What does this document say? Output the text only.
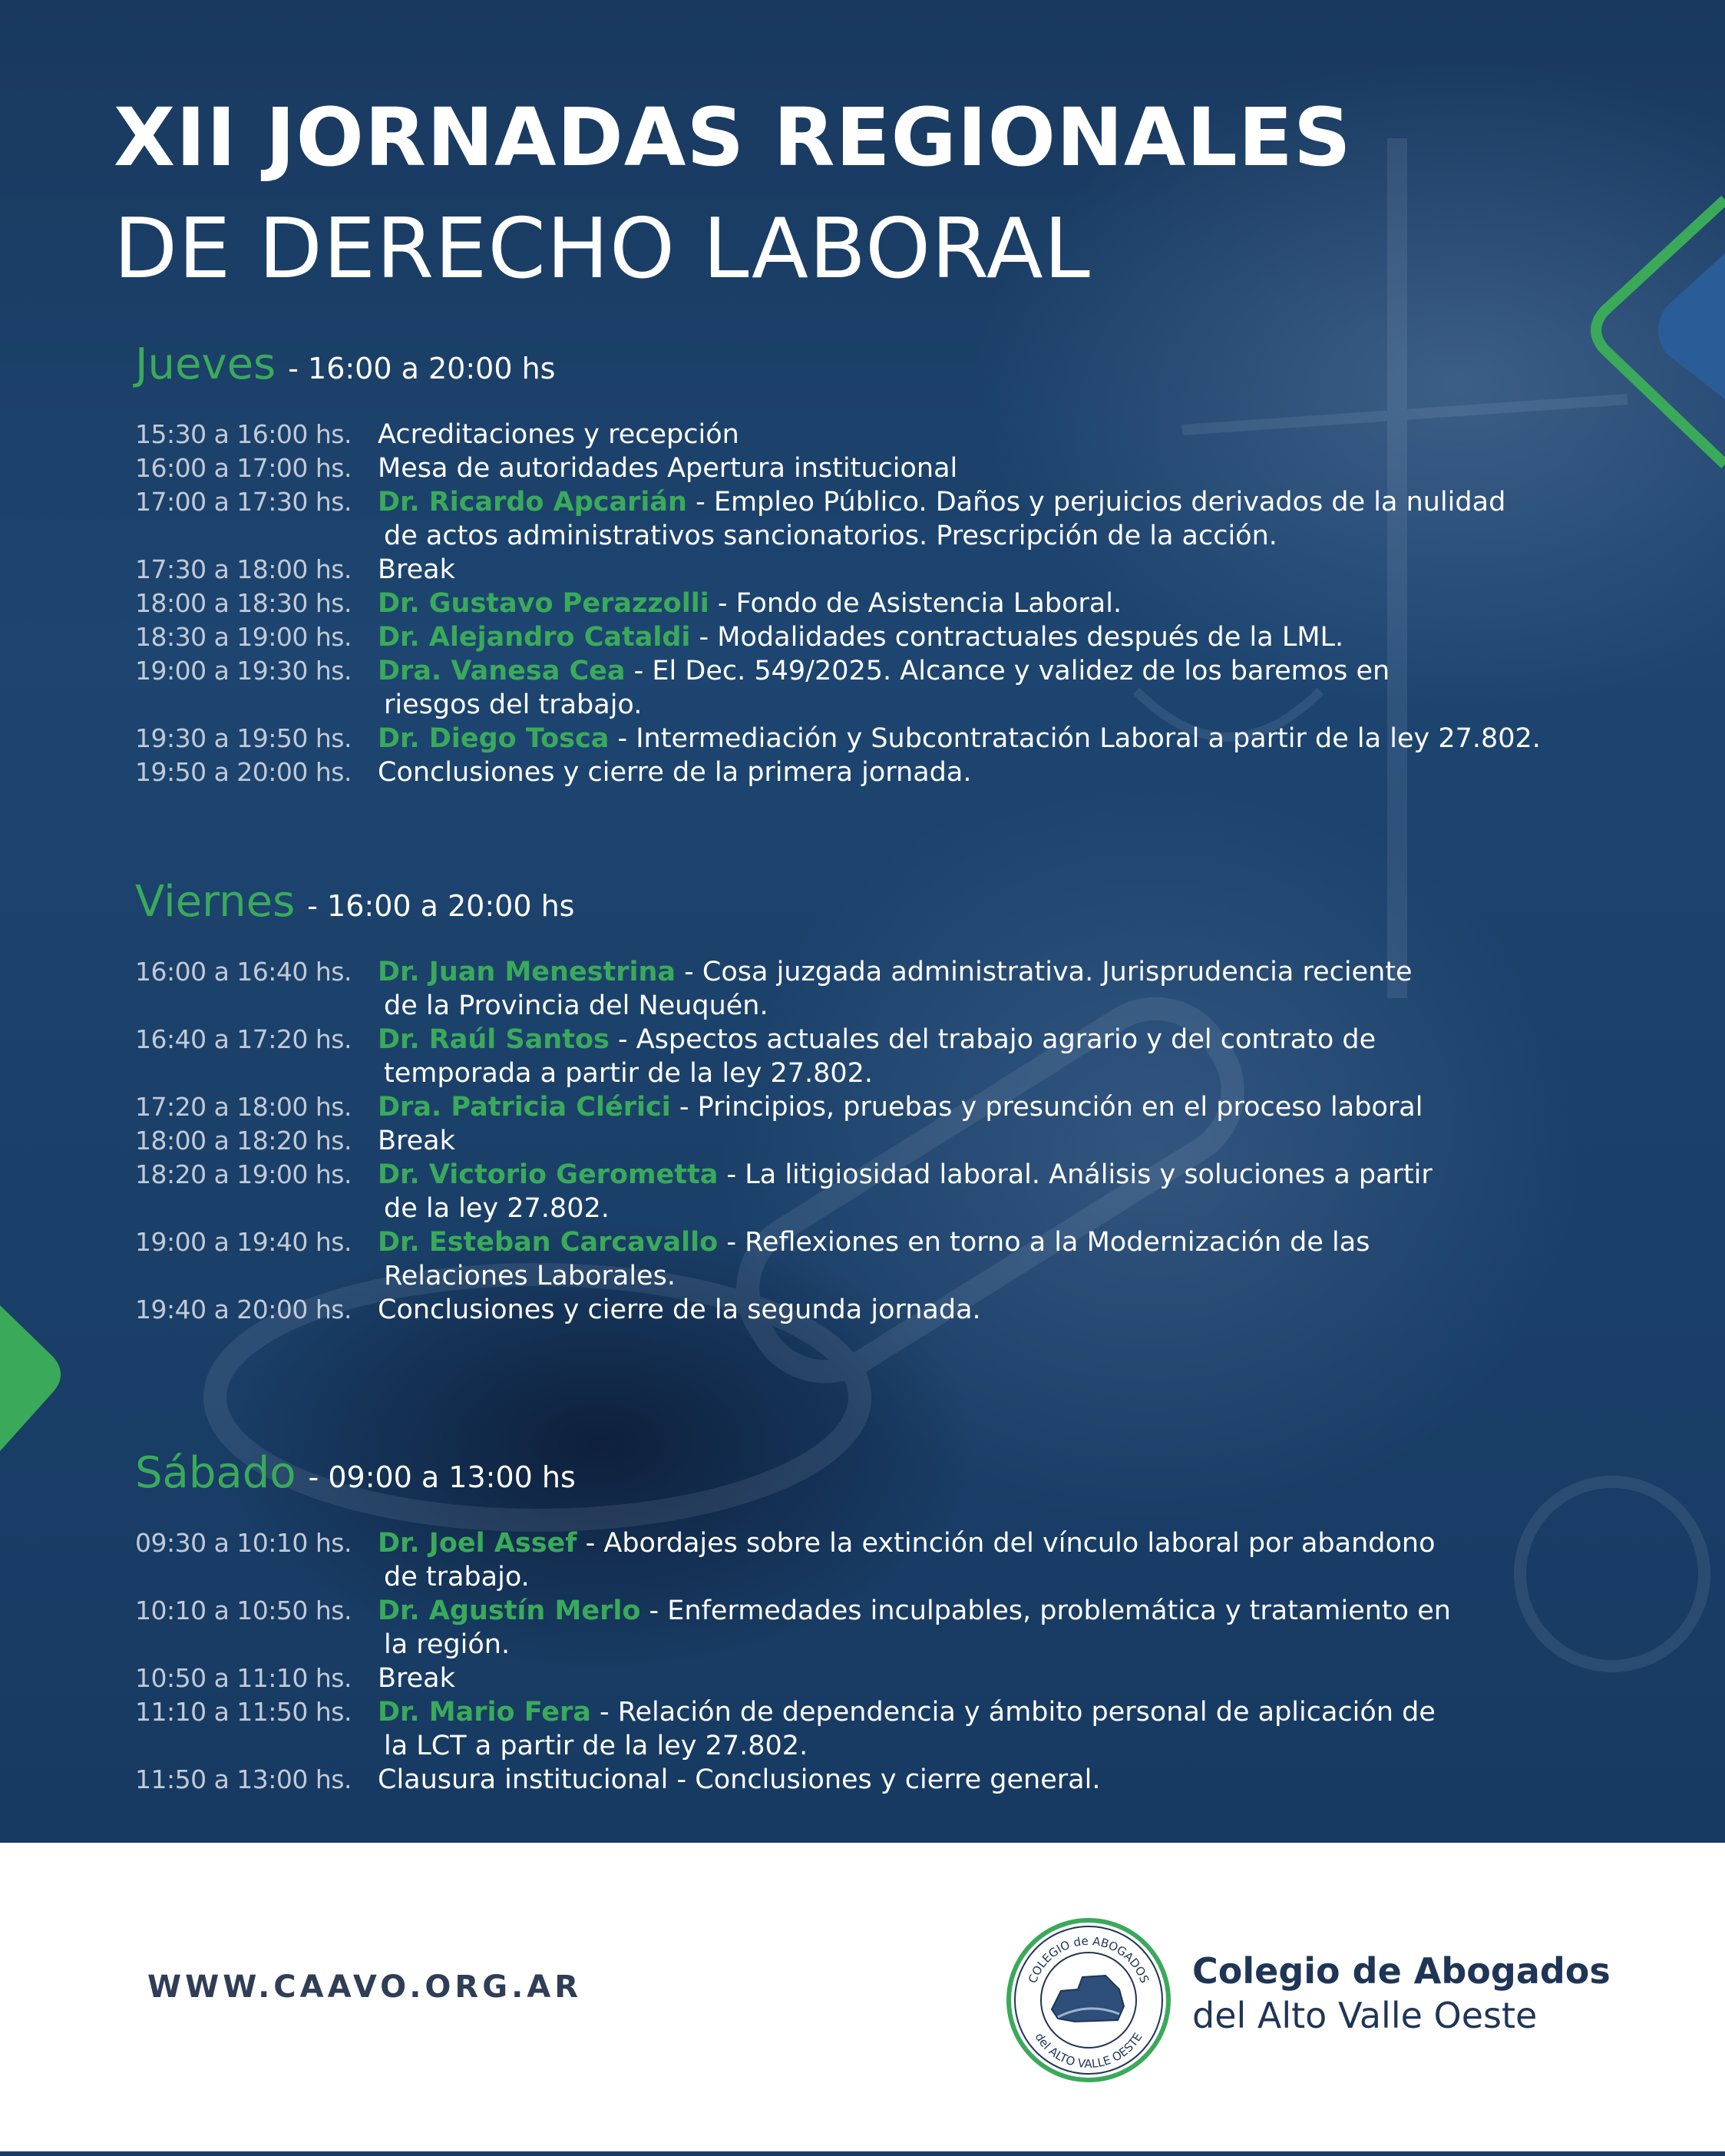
XII JORNADAS REGIONALES
DE DERECHO LABORAL
Jueves - 16:00 a 20:00 hs
15:30 a 16:00 hs. Acreditaciones y recepción
16:00 a 17:00 hs. Mesa de autoridades Apertura institucional
17:00 a 17:30 hs. Dr. Ricardo Apcarián - Empleo Público. Daños y perjuicios derivados de la nulidad
de actos administrativos sancionatorios. Prescripción de la acción.
17:30 a 18:00 hs. Break
18:00 a 18:30 hs. Dr. Gustavo Perazzolli - Fondo de Asistencia Laboral.
18:30 a 19:00 hs. Dr. Alejandro Cataldi - Modalidades contractuales después de la LML.
19:00 a 19:30 hs. Dra. Vanesa Cea - El Dec. 549/2025. Alcance y validez de los baremos en
riesgos del trabajo.
19:30 a 19:50 hs. Dr. Diego Tosca - Intermediación y Subcontratación Laboral a partir de la ley 27.802.
19:50 a 20:00 hs. Conclusiones y cierre de la primera jornada.
Viernes - 16:00 a 20:00 hs
16:00 a 16:40 hs. Dr. Juan Menestrina - Cosa juzgada administrativa. Jurisprudencia reciente
de la Provincia del Neuquén.
16:40 a 17:20 hs. Dr. Raúl Santos - Aspectos actuales del trabajo agrario y del contrato de
temporada a partir de la ley 27.802.
17:20 a 18:00 hs. Dra. Patricia Clérici - Principios, pruebas y presunción en el proceso laboral
18:00 a 18:20 hs. Break
18:20 a 19:00 hs. Dr. Victorio Gerometta - La litigiosidad laboral. Análisis y soluciones a partir
de la ley 27.802.
19:00 a 19:40 hs. Dr. Esteban Carcavallo - Reflexiones en torno a la Modernización de las
Relaciones Laborales.
19:40 a 20:00 hs. Conclusiones y cierre de la segunda jornada.
Sábado - 09:00 a 13:00 hs
09:30 a 10:10 hs. Dr. Joel Assef - Abordajes sobre la extinción del vínculo laboral por abandono
de trabajo.
10:10 a 10:50 hs. Dr. Agustín Merlo - Enfermedades inculpables, problemática y tratamiento en
la región.
10:50 a 11:10 hs. Break
11:10 a 11:50 hs. Dr. Mario Fera - Relación de dependencia y ámbito personal de aplicación de
la LCT a partir de la ley 27.802.
11:50 a 13:00 hs. Clausura institucional - Conclusiones y cierre general.

WWW.CAAVO.ORG.AR	COLEGIO de ABOGADOS
del ALTO VALLE OESTE
Colegio de Abogados
del Alto Valle Oeste
